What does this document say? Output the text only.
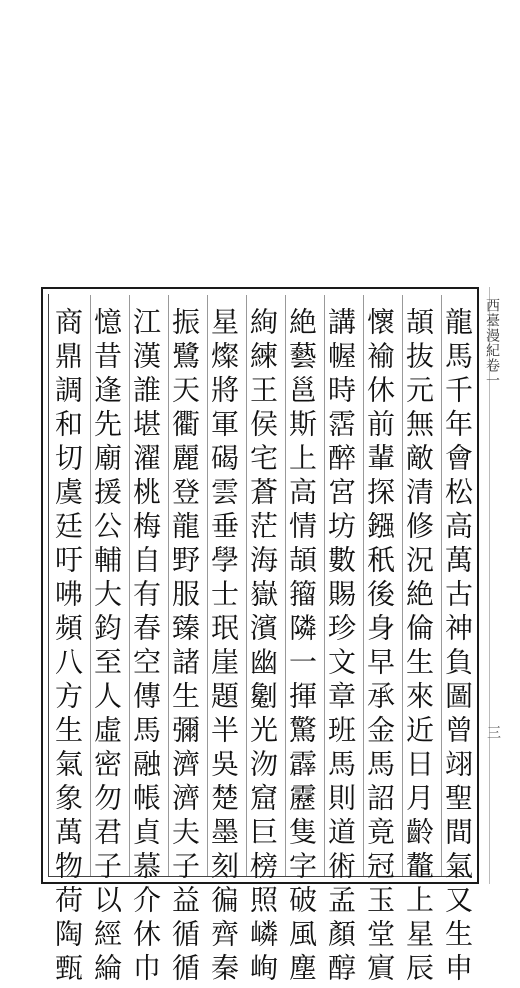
龍馬千年會松高萬古神負圖曾翊聖間氣又生申
頡抜元無敵清修況絶倫生來近日月齡鼇上星辰
懷褕休前輩探鏹秖後身早承金馬詔竟冠玉堂賔
講幄時霑醉宮坊數賜珍文章班馬則道術孟顏醇
絶藝邕斯上高情頡籀隣一揮驚霹靂隻字破風塵
絢練王侯宅蒼茫海嶽濱幽劖光沕窟巨榜照嶙峋
星燦將軍碣雲垂學士珉崖題半吳楚墨刻徧齊秦
振鷺天衢麗登龍野服臻諸生彌濟濟夫子益循循
江漢誰堪濯桃梅自有春空傳馬融帳貞慕介休巾
憶昔逢先廟援公輔大鈞至人虛密勿君子以經綸
商鼎調和切虞廷吁咈頻八方生氣象萬物荷陶甄	西臺漫紀卷一
三
